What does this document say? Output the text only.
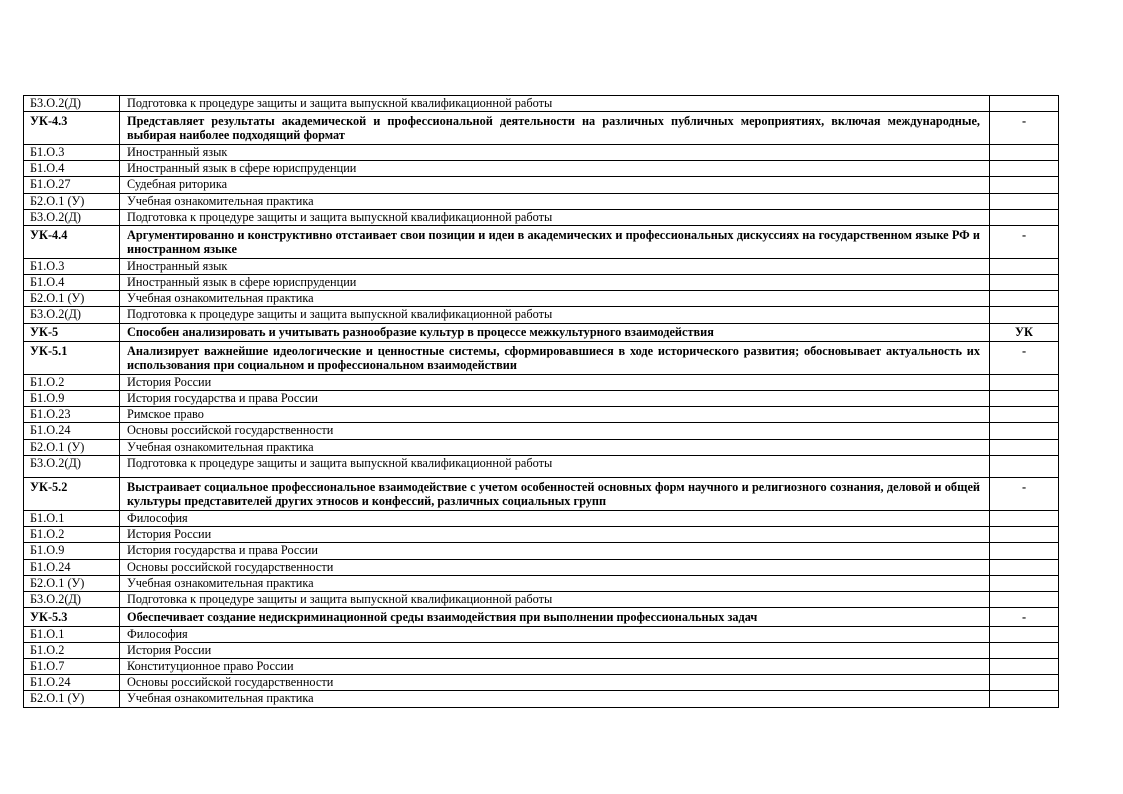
Б3.О.2(Д)	Подготовка к процедуре защиты и защита выпускной квалификационной работы	
УК-4.3	Представляет результаты академической и профессиональной деятельности на различных публичных мероприятиях, включая международные, выбирая наиболее подходящий формат	-
Б1.О.3	Иностранный язык	
Б1.О.4	Иностранный язык в сфере юриспруденции	
Б1.О.27	Судебная риторика	
Б2.О.1 (У)	Учебная ознакомительная практика	
Б3.О.2(Д)	Подготовка к процедуре защиты и защита выпускной квалификационной работы	
УК-4.4	Аргументированно и конструктивно отстаивает свои позиции и идеи в академических и профессиональных дискуссиях на государственном языке РФ и иностранном языке	-
Б1.О.3	Иностранный язык	
Б1.О.4	Иностранный язык в сфере юриспруденции	
Б2.О.1 (У)	Учебная ознакомительная практика	
Б3.О.2(Д)	Подготовка к процедуре защиты и защита выпускной квалификационной работы	
УК-5	Способен анализировать и учитывать разнообразие культур в процессе межкультурного взаимодействия	УК
УК-5.1	Анализирует важнейшие идеологические и ценностные системы, сформировавшиеся в ходе исторического развития; обосновывает актуальность их использования при социальном и профессиональном взаимодействии	-
Б1.О.2	История России	
Б1.О.9	История государства и права России	
Б1.О.23	Римское право	
Б1.О.24	Основы российской государственности	
Б2.О.1 (У)	Учебная ознакомительная практика	
Б3.О.2(Д)	Подготовка к процедуре защиты и защита выпускной квалификационной работы	
УК-5.2	Выстраивает социальное профессиональное взаимодействие с учетом особенностей основных форм научного и религиозного сознания, деловой и общей культуры представителей других этносов и конфессий, различных социальных групп	-
Б1.О.1	Философия	
Б1.О.2	История России	
Б1.О.9	История государства и права России	
Б1.О.24	Основы российской государственности	
Б2.О.1 (У)	Учебная ознакомительная практика	
Б3.О.2(Д)	Подготовка к процедуре защиты и защита выпускной квалификационной работы	
УК-5.3	Обеспечивает создание недискриминационной среды взаимодействия при выполнении профессиональных задач	-
Б1.О.1	Философия	
Б1.О.2	История России	
Б1.О.7	Конституционное право России	
Б1.О.24	Основы российской государственности	
Б2.О.1 (У)	Учебная ознакомительная практика	
